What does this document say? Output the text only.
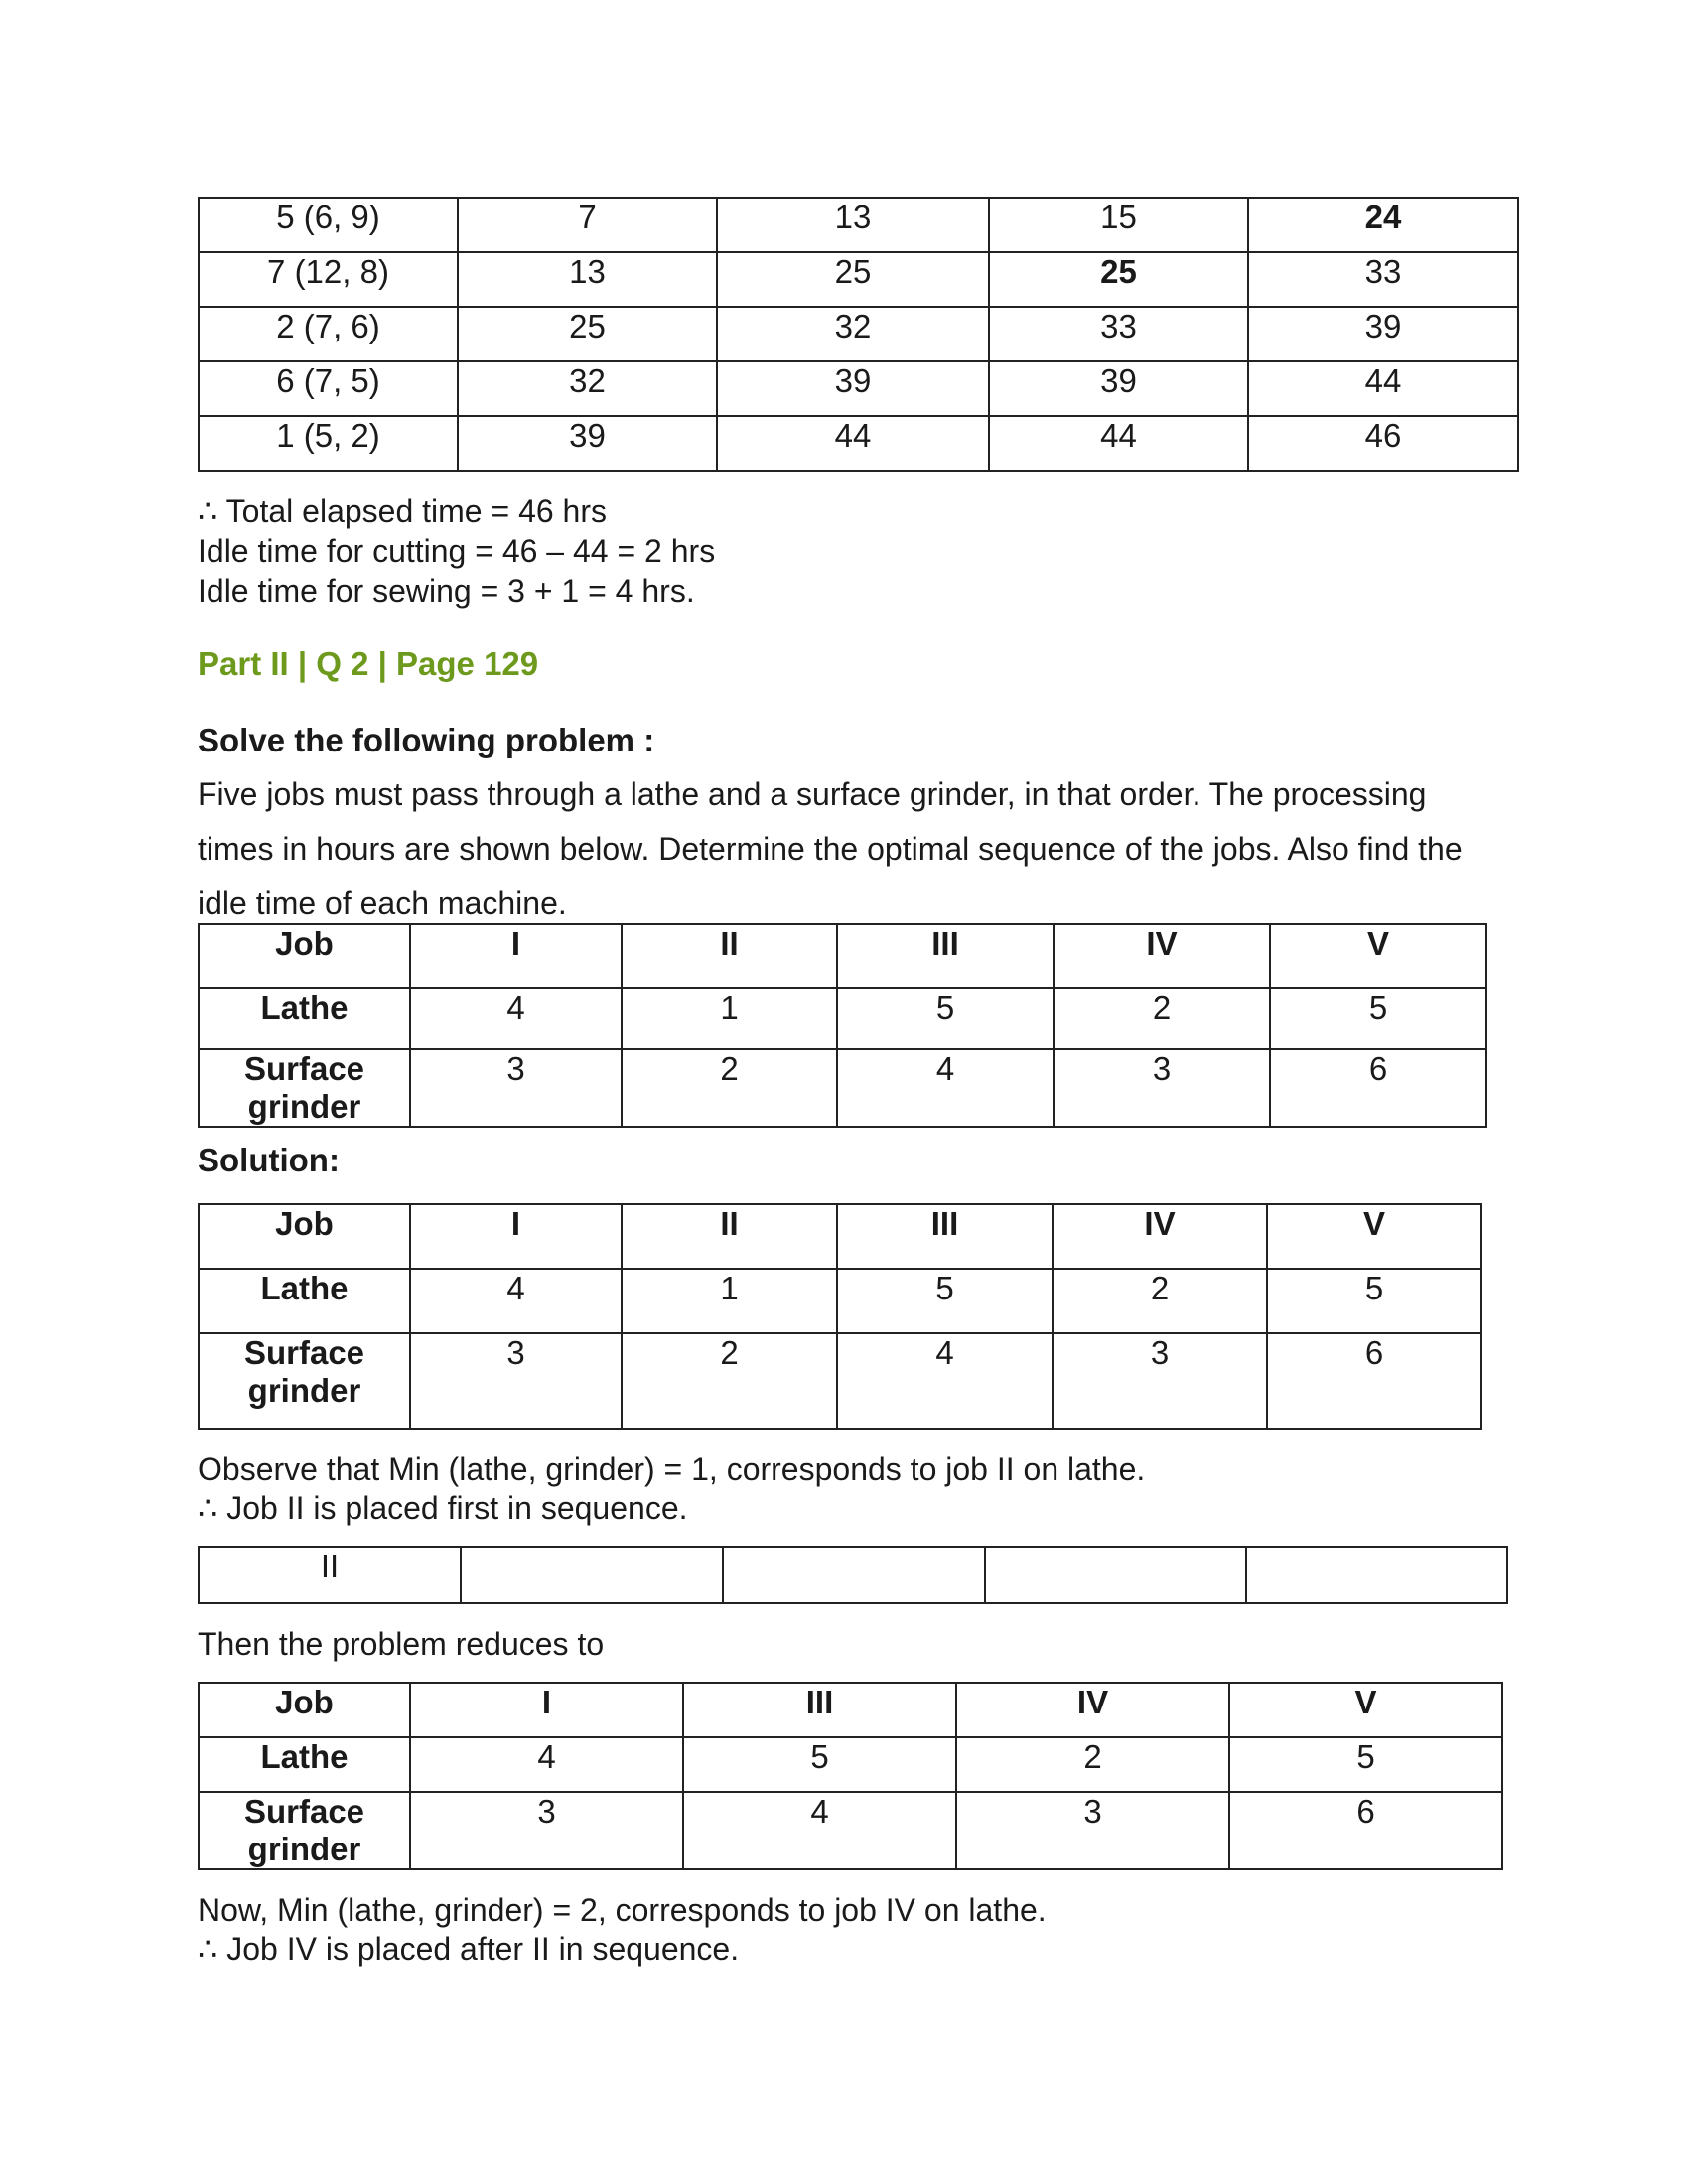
5 (6, 9)	7	13	15	24
7 (12, 8)	13	25	25	33
2 (7, 6)	25	32	33	39
6 (7, 5)	32	39	39	44
1 (5, 2)	39	44	44	46
∴ Total elapsed time = 46 hrs
Idle time for cutting = 46 – 44 = 2 hrs
Idle time for sewing = 3 + 1 = 4 hrs.
Part II | Q 2 | Page 129
Solve the following problem :
Five jobs must pass through a lathe and a surface grinder, in that order. The processing times in hours are shown below. Determine the optimal sequence of the jobs. Also find the idle time of each machine.
Job	I	II	III	IV	V
Lathe	4	1	5	2	5
Surface grinder	3	2	4	3	6
Solution:
Job	I	II	III	IV	V
Lathe	4	1	5	2	5
Surface grinder	3	2	4	3	6
Observe that Min (lathe, grinder) = 1, corresponds to job II on lathe.
∴ Job II is placed first in sequence.
II				
Then the problem reduces to
Job	I	III	IV	V
Lathe	4	5	2	5
Surface grinder	3	4	3	6
Now, Min (lathe, grinder) = 2, corresponds to job IV on lathe.
∴ Job IV is placed after II in sequence.
